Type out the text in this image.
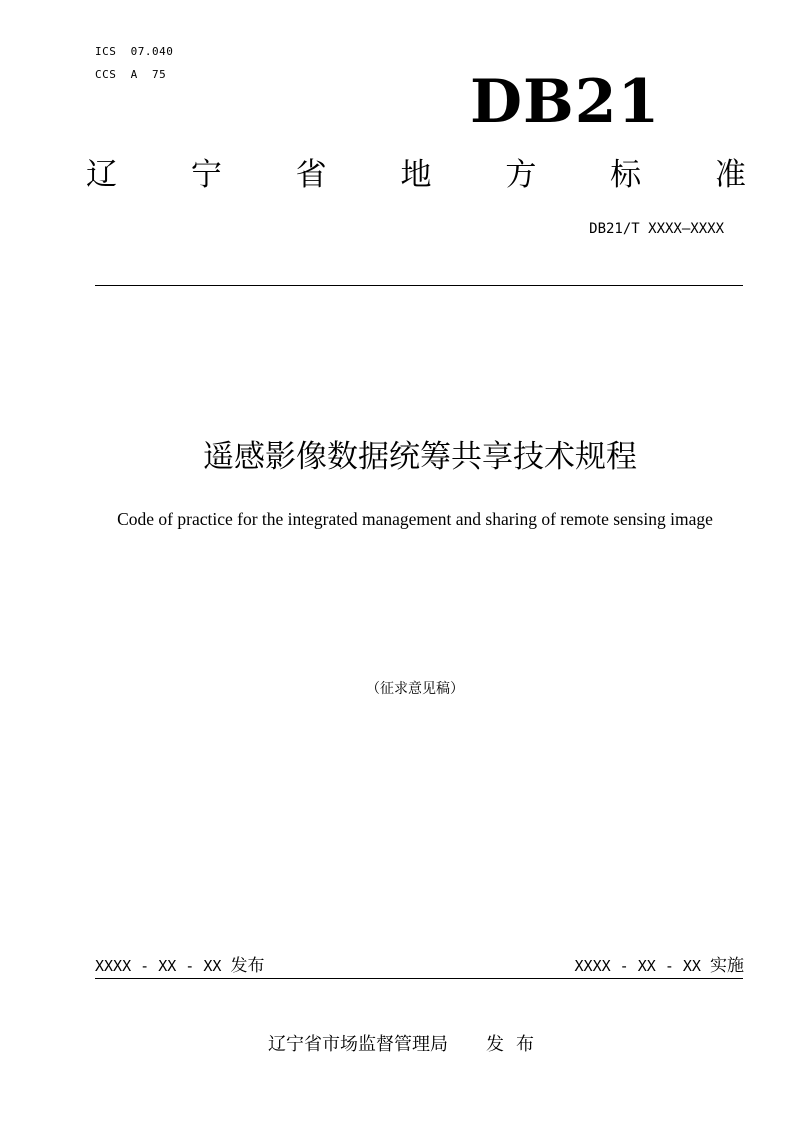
ICS  07.040
CCS  A  75	DB21
辽 宁 省 地 方 标 准
DB21/T XXXX—XXXX
遥感影像数据统筹共享技术规程
Code of practice for the integrated management and sharing of remote sensing image
（征求意见稿）
XXXX - XX - XX 发布	XXXX - XX - XX 实施
辽宁省市场监督管理局 发布
